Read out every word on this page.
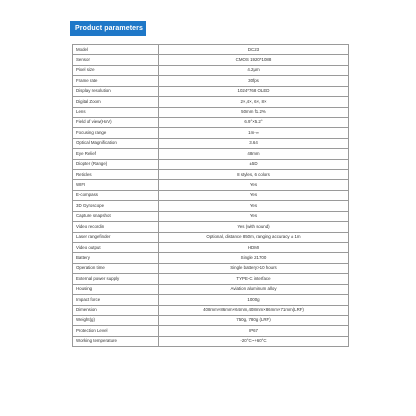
Product parameters
Model	DC23
Sensor	CMOS 1920*1088
Pixel size	4.2μm
Frame rate	30fps
Display resolution	1024*768 OLED
Digital Zoom	2×,4×, 6×, 8×
Lens	50mm f1.2%
Field of view(HxV)	6.9°×5.2°
Focusing range	1m-∞
Optical Magnification	3.64
Eye Relief	48mm
Diopter (Range)	±5D
Reticles	8 styles, 6 colors
WIFI	Yes
E-compass	Yes
3D Gyroscope	Yes
Capture snapshot	Yes
Video recordin	Yes (with sound)
Laser rangefinder	Optional, distance 850m, ranging accuracy ± 1m
Video output	HDMI
Battery	Single 21700
Operation time	Single battery>10 hours
External power supply	TYPE-C interface
Housing	Aviation aluminum alloy
Impact force	1000g
Dimension	408mm×86mm×64mm,408mm×86mm×71mm(LRF)
Weight(g)	750g, 780g (LRF)
Protection Level	IP67
Working temperature	-20°C~+60°C
